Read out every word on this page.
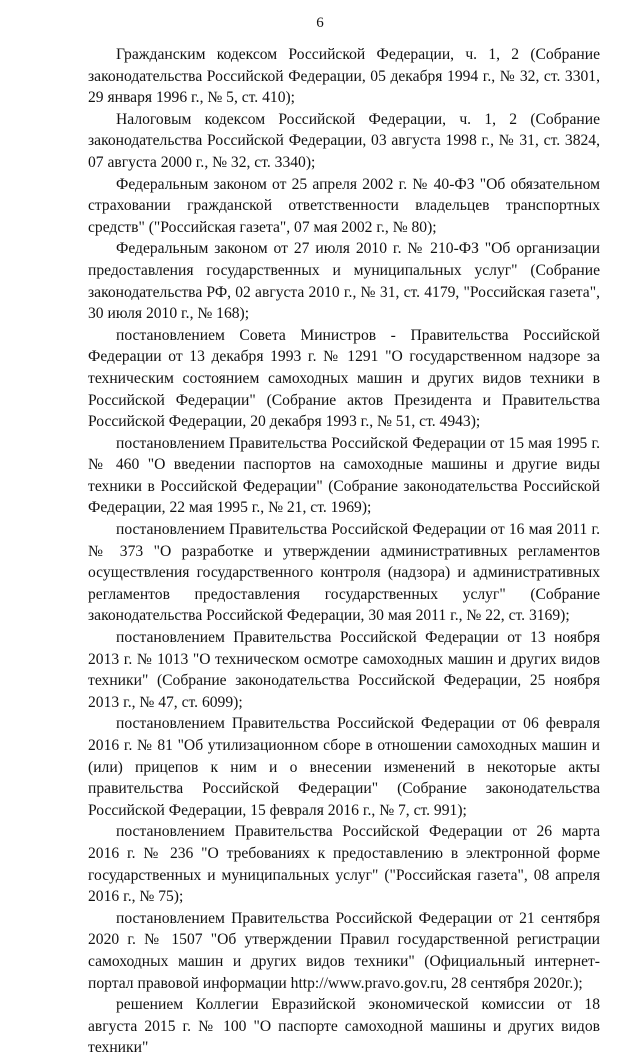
6

Гражданским кодексом Российской Федерации, ч. 1, 2 (Собрание законодательства Российской Федерации, 05 декабря 1994 г., № 32, ст. 3301, 29 января 1996 г., № 5, ст. 410);

Налоговым кодексом Российской Федерации, ч. 1, 2 (Собрание законодательства Российской Федерации, 03 августа 1998 г., № 31, ст. 3824, 07 августа 2000 г., № 32, ст. 3340);

Федеральным законом от 25 апреля 2002 г. № 40-ФЗ "Об обязательном страховании гражданской ответственности владельцев транспортных средств" ("Российская газета", 07 мая 2002 г., № 80);

Федеральным законом от 27 июля 2010 г. № 210-ФЗ "Об организации предоставления государственных и муниципальных услуг" (Собрание законодательства РФ, 02 августа 2010 г., № 31, ст. 4179, "Российская газета", 30 июля 2010 г., № 168);

постановлением Совета Министров - Правительства Российской Федерации от 13 декабря 1993 г. № 1291 "О государственном надзоре за техническим состоянием самоходных машин и других видов техники в Российской Федерации" (Собрание актов Президента и Правительства Российской Федерации, 20 декабря 1993 г., № 51, ст. 4943);

постановлением Правительства Российской Федерации от 15 мая 1995 г. № 460 "О введении паспортов на самоходные машины и другие виды техники в Российской Федерации" (Собрание законодательства Российской Федерации, 22 мая 1995 г., № 21, ст. 1969);

постановлением Правительства Российской Федерации от 16 мая 2011 г. № 373 "О разработке и утверждении административных регламентов осуществления государственного контроля (надзора) и административных регламентов предоставления государственных услуг" (Собрание законодательства Российской Федерации, 30 мая 2011 г., № 22, ст. 3169);

постановлением Правительства Российской Федерации от 13 ноября 2013 г. № 1013 "О техническом осмотре самоходных машин и других видов техники" (Собрание законодательства Российской Федерации, 25 ноября 2013 г., № 47, ст. 6099);

постановлением Правительства Российской Федерации от 06 февраля 2016 г. № 81 "Об утилизационном сборе в отношении самоходных машин и (или) прицепов к ним и о внесении изменений в некоторые акты правительства Российской Федерации" (Собрание законодательства Российской Федерации, 15 февраля 2016 г., № 7, ст. 991);

постановлением Правительства Российской Федерации от 26 марта 2016 г. № 236 "О требованиях к предоставлению в электронной форме государственных и муниципальных услуг" ("Российская газета", 08 апреля 2016 г., № 75);

постановлением Правительства Российской Федерации от 21 сентября 2020 г. № 1507 "Об утверждении Правил государственной регистрации самоходных машин и других видов техники" (Официальный интернет-портал правовой информации http://www.pravo.gov.ru, 28 сентября 2020г.);

решением Коллегии Евразийской экономической комиссии от 18 августа 2015 г. № 100 "О паспорте самоходной машины и других видов техники"
